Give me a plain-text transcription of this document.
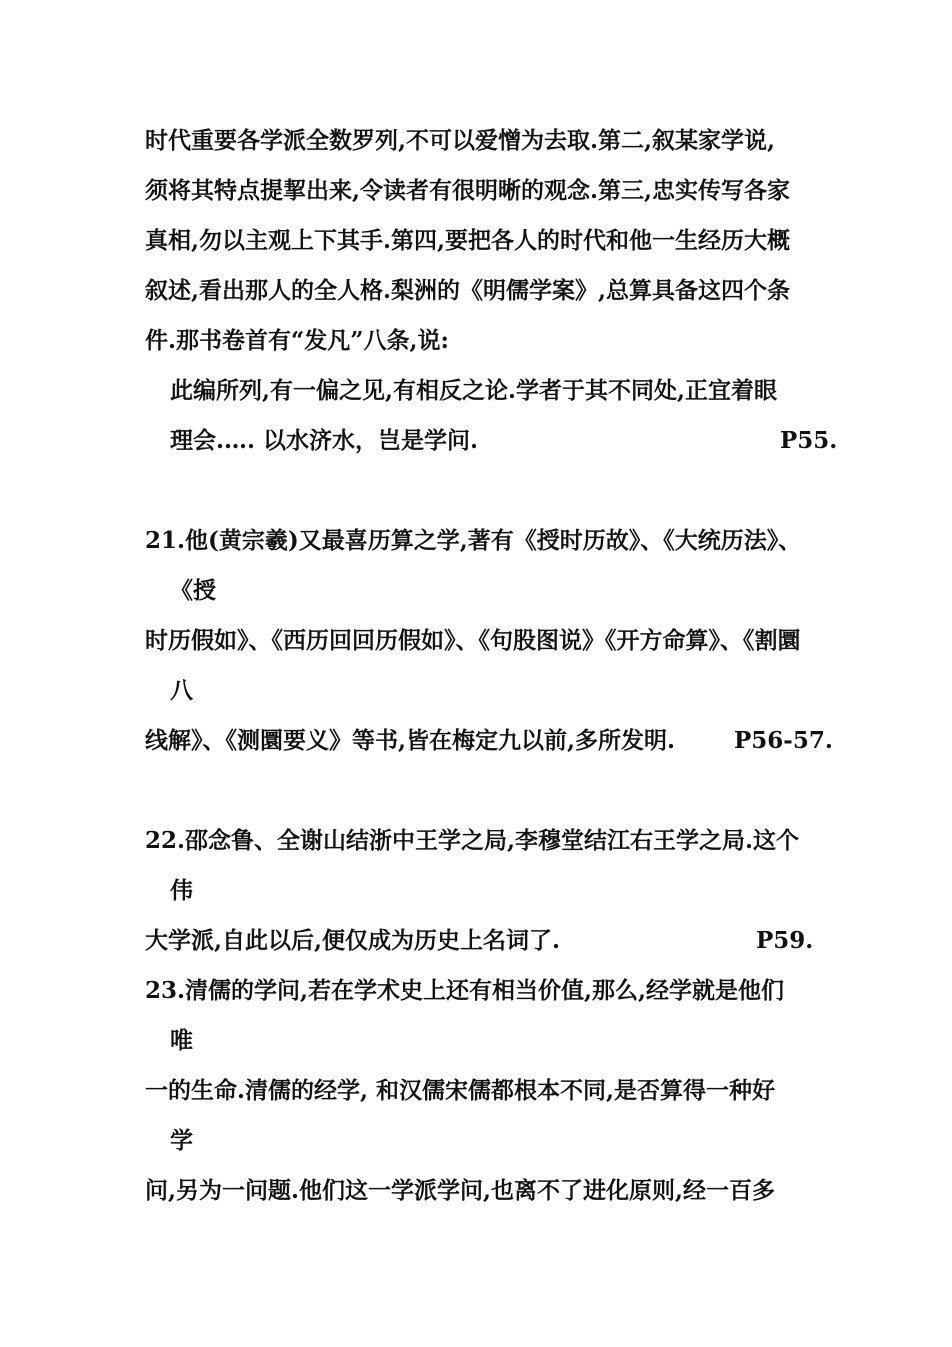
时代重要各学派全数罗列,不可以爱憎为去取.第二,叙某家学说,
须将其特点提挈出来,令读者有很明晰的观念.第三,忠实传写各家
真相,勿以主观上下其手.第四,要把各人的时代和他一生经历大概
叙述,看出那人的全人格.梨洲的《明儒学案》,总算具备这四个条
件.那书卷首有“发凡”八条,说:
此编所列,有一偏之见,有相反之论.学者于其不同处,正宜着眼
理会.…. 以水济水，岂是学问.	P55.
21.他(黄宗羲)又最喜历算之学,著有《授时历故》、《大统历法》、
《授
时历假如》、《西历回回历假如》、《句股图说》《开方命算》、《割圜
八
线解》、《测圜要义》等书,皆在梅定九以前,多所发明.	P56-57.
22.邵念鲁、全谢山结浙中王学之局,李穆堂结江右王学之局.这个
伟
大学派,自此以后,便仅成为历史上名词了.	P59.
23.清儒的学问,若在学术史上还有相当价值,那么,经学就是他们
唯
一的生命.清儒的经学, 和汉儒宋儒都根本不同,是否算得一种好
学
问,另为一问题.他们这一学派学问,也离不了进化原则,经一百多
